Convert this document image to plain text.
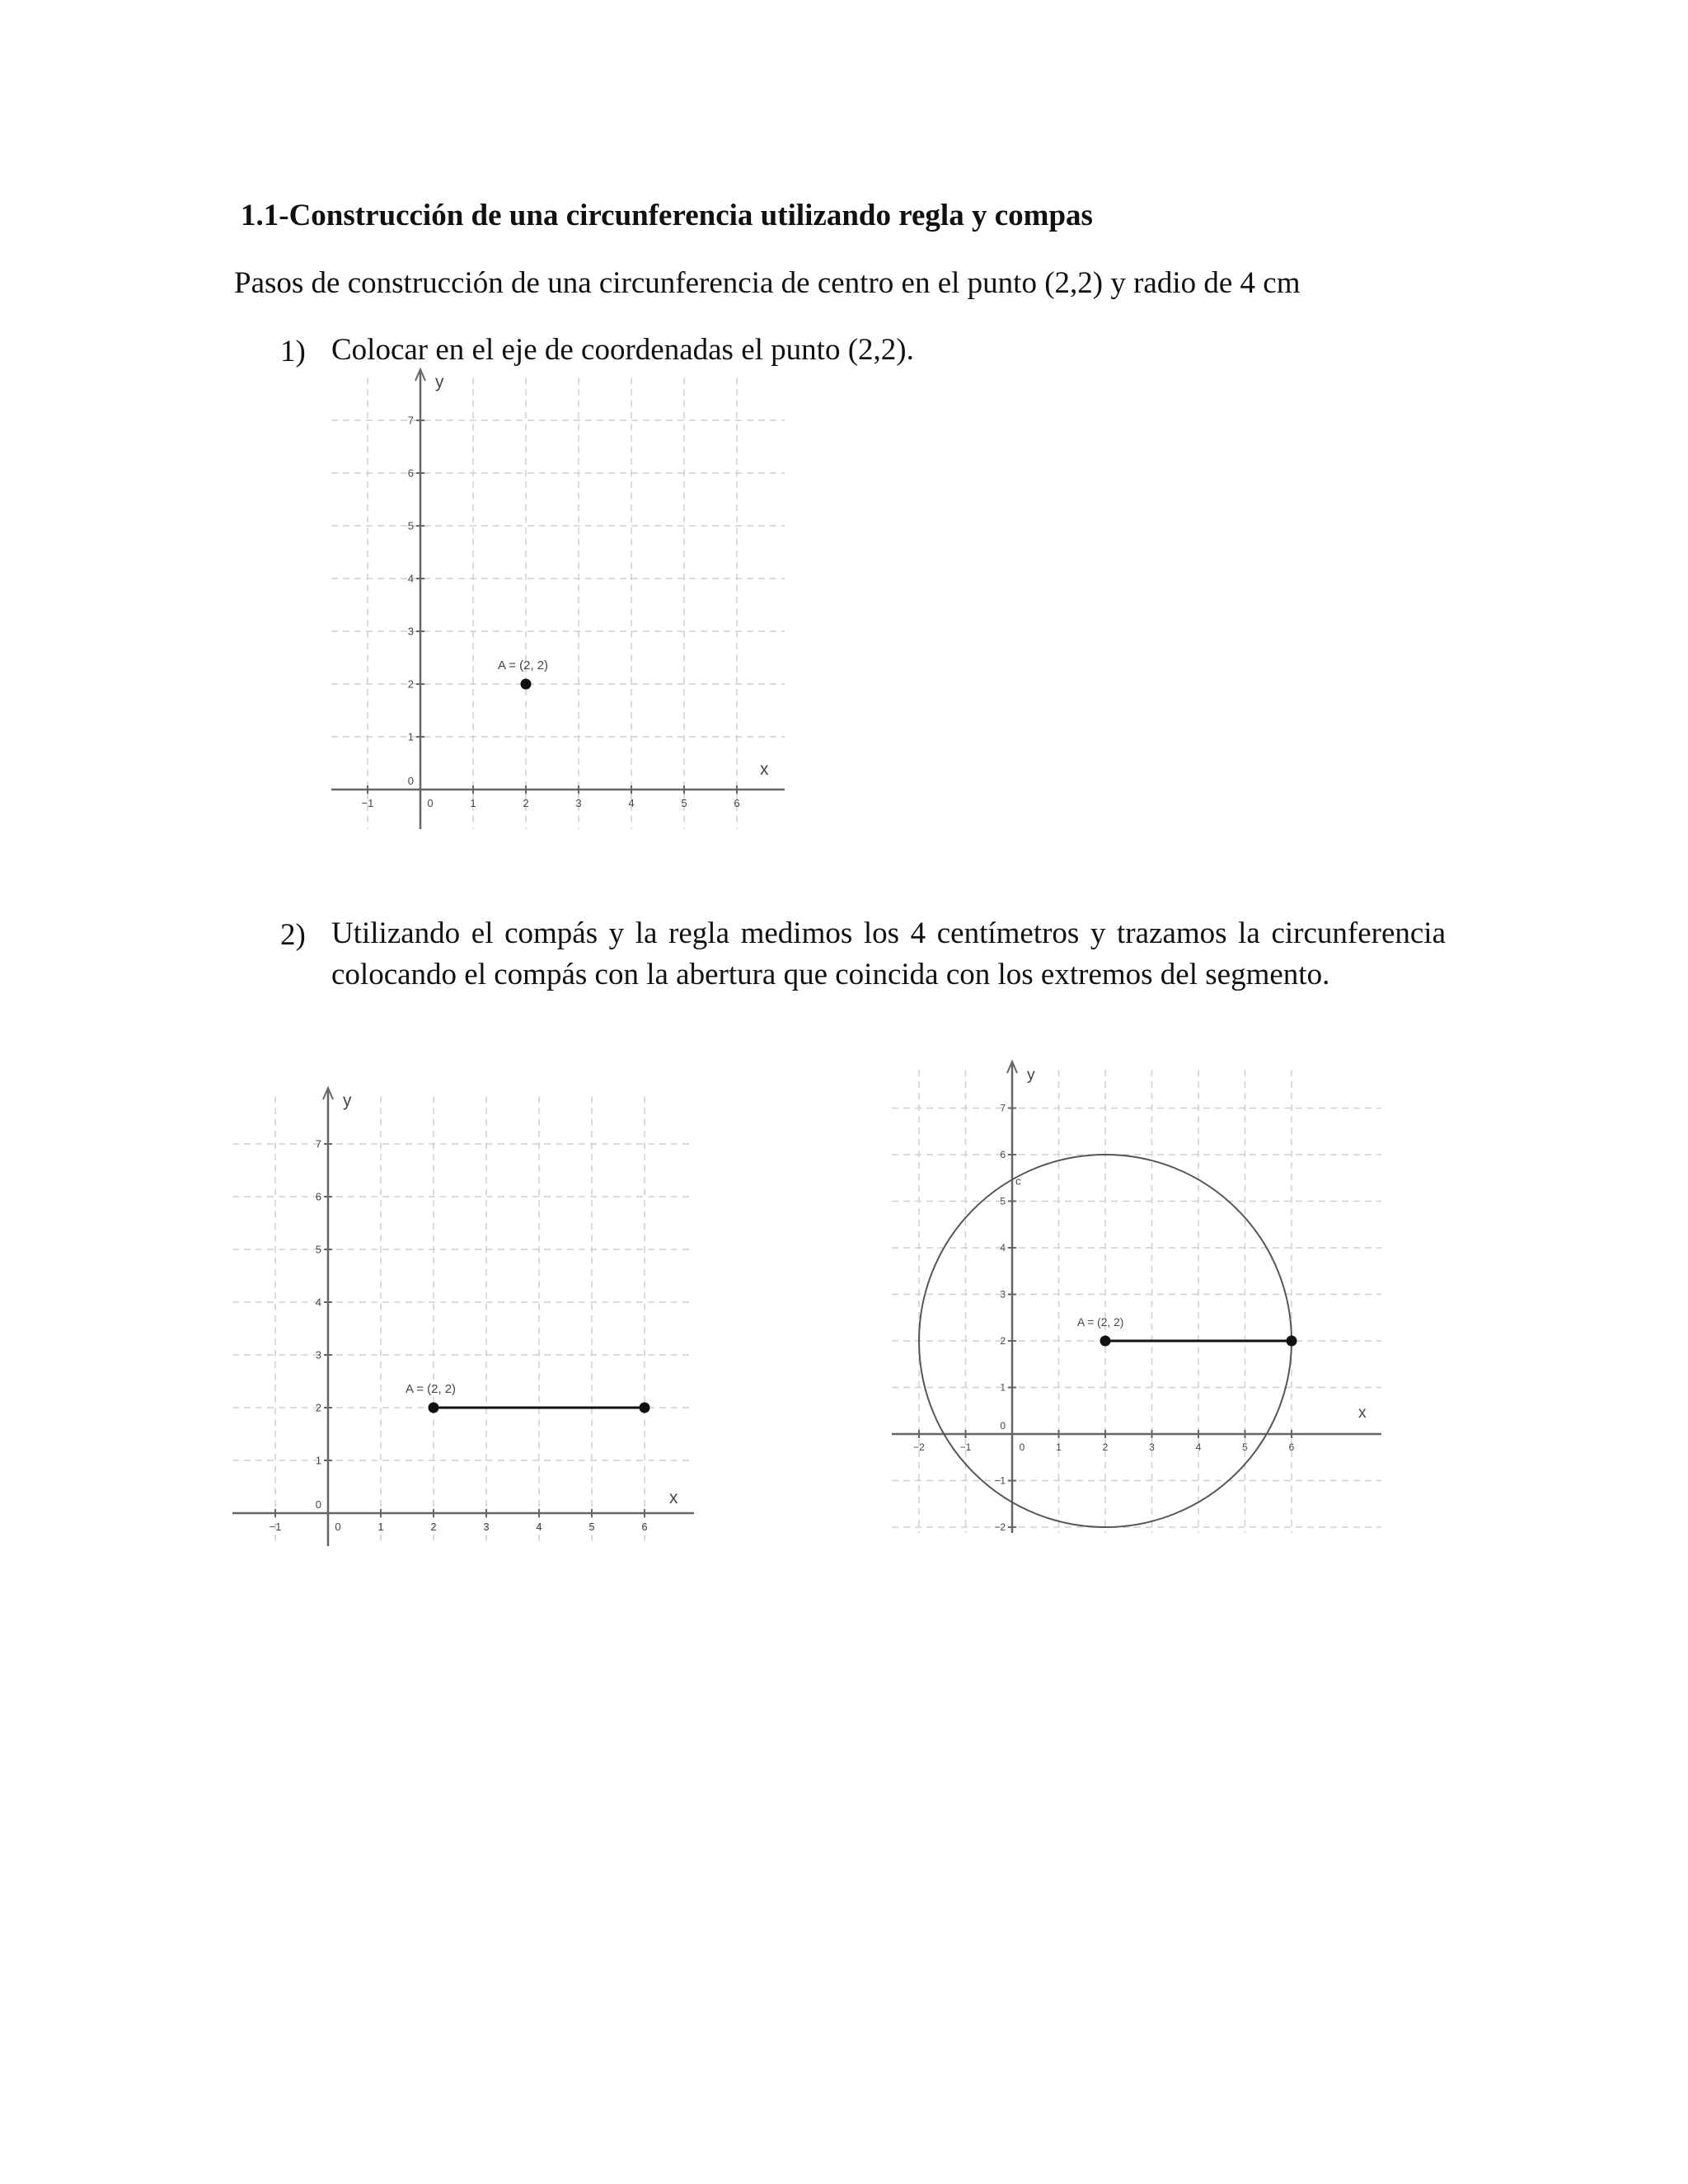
1.1-Construcción de una circunferencia utilizando regla y compas
Pasos de construcción de una circunferencia de centro en el punto (2,2) y radio de 4 cm
1) Colocar en el eje de coordenadas el punto (2,2).
−1	0	1	2	3	4	5	6
0
1
2
3
4
5
6
7
x
y
A = (2, 2)
2) Utilizando el compás y la regla medimos los 4 centímetros y trazamos la circunferencia colocando el compás con la abertura que coincida con los extremos del segmento.
−1	0	1	2	3	4	5	6
0
1
2
3
4
5
6
7
x
y
A = (2, 2)
−2	−1	0	1	2	3	4	5	6
−2
−1
0
1
2
3
4
5
6
7
x
y
c
A = (2, 2)
